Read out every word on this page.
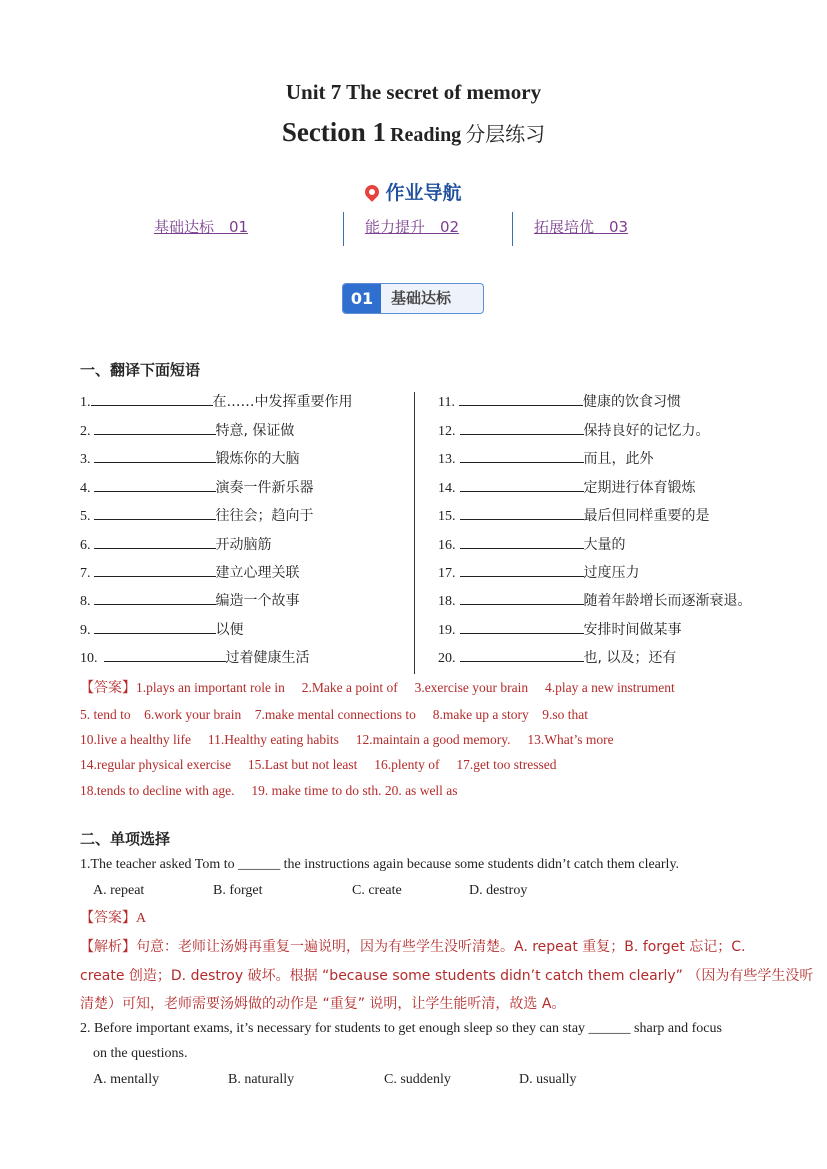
Unit 7 The secret of memory
Section 1 Reading 分层练习
作业导航
基础达标　01	能力提升　02	拓展培优　03
01	基础达标
一、翻译下面短语
1.	在……中发挥重要作用
2.	特意, 保证做
3.	锻炼你的大脑
4.	演奏一件新乐器
5.	往往会；趋向于
6.	开动脑筋
7.	建立心理关联
8.	编造一个故事
9.	以便
10.	过着健康生活
11.	健康的饮食习惯
12.	保持良好的记忆力。
13.	而且，此外
14.	定期进行体育锻炼
15.	最后但同样重要的是
16.	大量的
17.	过度压力
18.	随着年龄增长而逐渐衰退。
19.	安排时间做某事
20.	也, 以及；还有
【答案】1.plays an important role in　 2.Make a point of　 3.exercise your brain　 4.play a new instrument
5. tend to　6.work your brain　7.make mental connections to　 8.make up a story　9.so that
10.live a healthy life　 11.Healthy eating habits　 12.maintain a good memory.　 13.What’s more
14.regular physical exercise　 15.Last but not least　 16.plenty of　 17.get too stressed
18.tends to decline with age.　 19. make time to do sth. 20. as well as
二、单项选择
1.The teacher asked Tom to ______ the instructions again because some students didn’t catch them clearly.
A. repeat	B. forget	C. create	D. destroy
【答案】A
【解析】句意：老师让汤姆再重复一遍说明，因为有些学生没听清楚。A. repeat 重复；B. forget 忘记；C.
create 创造；D. destroy 破坏。根据 “because some students didn’t catch them clearly” （因为有些学生没听
清楚）可知，老师需要汤姆做的动作是 “重复” 说明，让学生能听清，故选 A。
2. Before important exams, it’s necessary for students to get enough sleep so they can stay ______ sharp and focus
on the questions.
A. mentally	B. naturally	C. suddenly	D. usually
